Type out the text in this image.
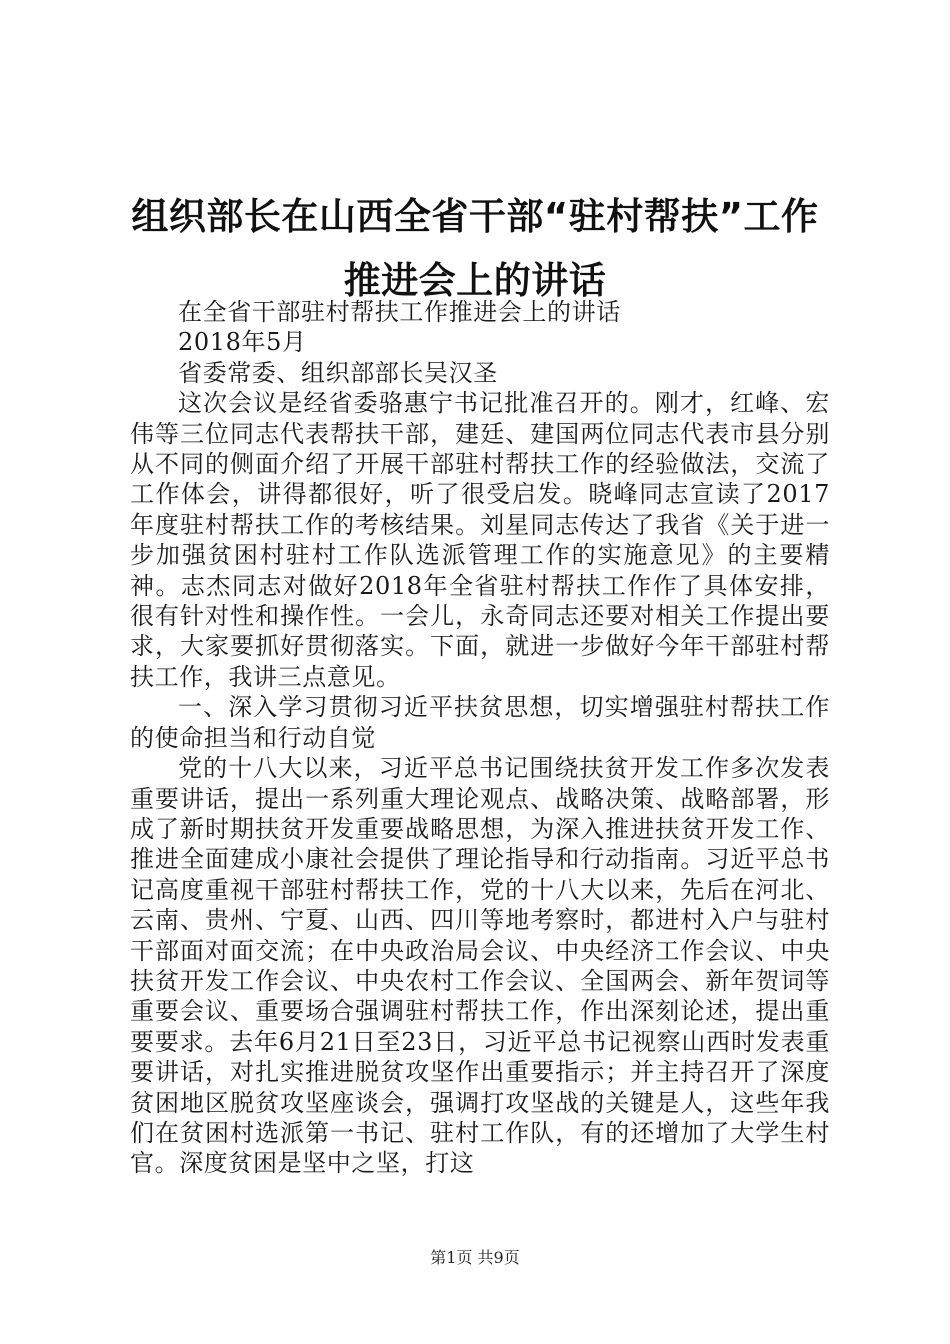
组织部长在山西全省干部“驻村帮扶”工作推进会上的讲话

在全省干部驻村帮扶工作推进会上的讲话

2018年5月

省委常委、组织部部长吴汉圣

这次会议是经省委骆惠宁书记批准召开的。刚才，红峰、宏伟等三位同志代表帮扶干部，建廷、建国两位同志代表市县分别从不同的侧面介绍了开展干部驻村帮扶工作的经验做法，交流了工作体会，讲得都很好，听了很受启发。晓峰同志宣读了2017年度驻村帮扶工作的考核结果。刘星同志传达了我省《关于进一步加强贫困村驻村工作队选派管理工作的实施意见》的主要精神。志杰同志对做好2018年全省驻村帮扶工作作了具体安排，很有针对性和操作性。一会儿，永奇同志还要对相关工作提出要求，大家要抓好贯彻落实。下面，就进一步做好今年干部驻村帮扶工作，我讲三点意见。

一、深入学习贯彻习近平扶贫思想，切实增强驻村帮扶工作的使命担当和行动自觉

党的十八大以来，习近平总书记围绕扶贫开发工作多次发表重要讲话，提出一系列重大理论观点、战略决策、战略部署，形成了新时期扶贫开发重要战略思想，为深入推进扶贫开发工作、推进全面建成小康社会提供了理论指导和行动指南。习近平总书记高度重视干部驻村帮扶工作，党的十八大以来，先后在河北、云南、贵州、宁夏、山西、四川等地考察时，都进村入户与驻村干部面对面交流；在中央政治局会议、中央经济工作会议、中央扶贫开发工作会议、中央农村工作会议、全国两会、新年贺词等重要会议、重要场合强调驻村帮扶工作，作出深刻论述，提出重要要求。去年6月21日至23日，习近平总书记视察山西时发表重要讲话，对扎实推进脱贫攻坚作出重要指示；并主持召开了深度贫困地区脱贫攻坚座谈会，强调打攻坚战的关键是人，这些年我们在贫困村选派第一书记、驻村工作队，有的还增加了大学生村官。深度贫困是坚中之坚，打这

第1页 共9页
